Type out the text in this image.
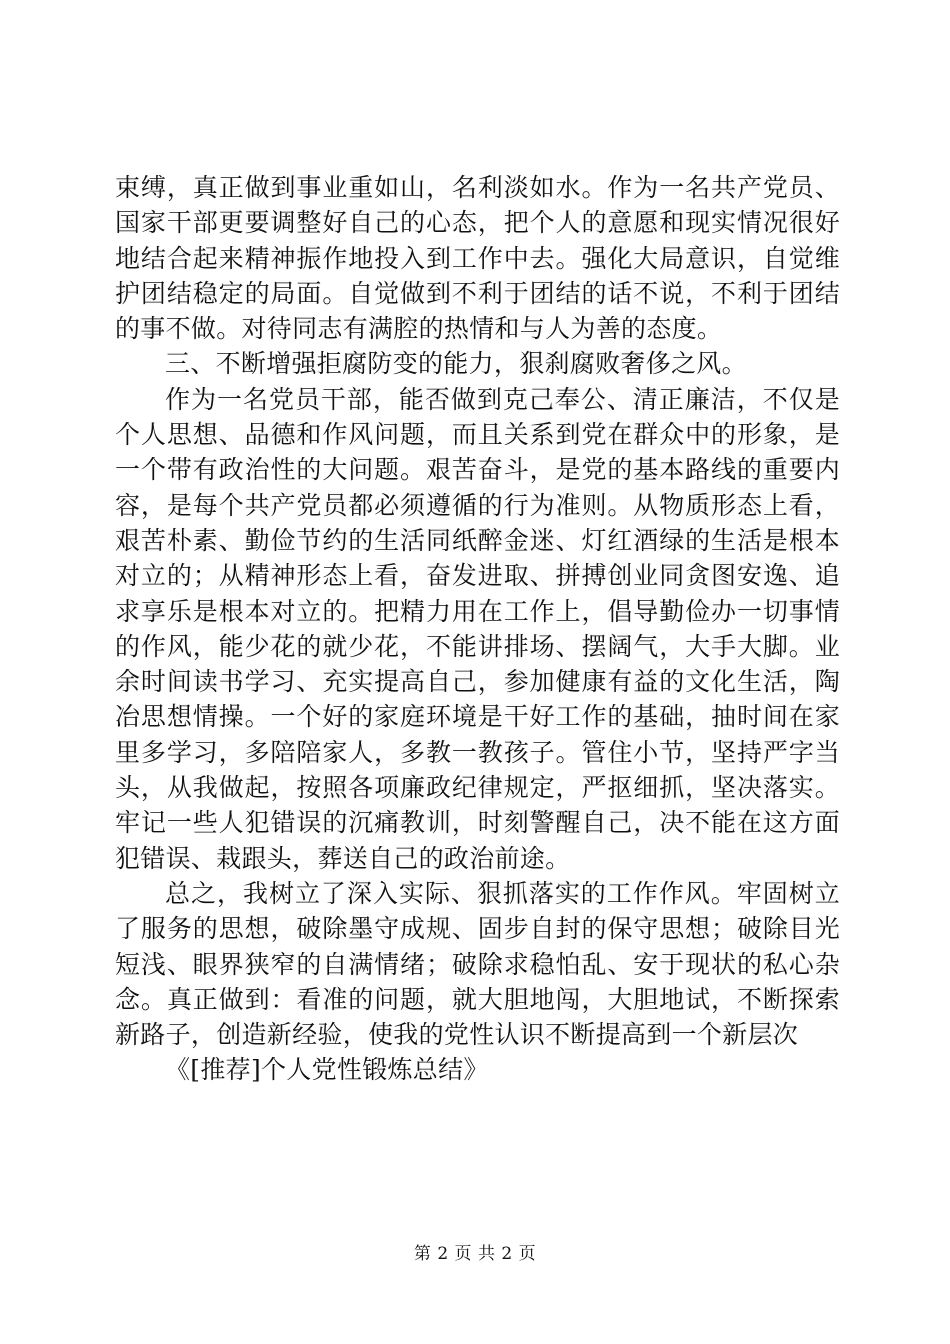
束缚，真正做到事业重如山，名利淡如水。作为一名共产党员、国家干部更要调整好自己的心态，把个人的意愿和现实情况很好地结合起来精神振作地投入到工作中去。强化大局意识，自觉维护团结稳定的局面。自觉做到不利于团结的话不说，不利于团结的事不做。对待同志有满腔的热情和与人为善的态度。

三、不断增强拒腐防变的能力，狠刹腐败奢侈之风。

作为一名党员干部，能否做到克己奉公、清正廉洁，不仅是个人思想、品德和作风问题，而且关系到党在群众中的形象，是一个带有政治性的大问题。艰苦奋斗，是党的基本路线的重要内容，是每个共产党员都必须遵循的行为准则。从物质形态上看，艰苦朴素、勤俭节约的生活同纸醉金迷、灯红酒绿的生活是根本对立的；从精神形态上看，奋发进取、拼搏创业同贪图安逸、追求享乐是根本对立的。把精力用在工作上，倡导勤俭办一切事情的作风，能少花的就少花，不能讲排场、摆阔气，大手大脚。业余时间读书学习、充实提高自己，参加健康有益的文化生活，陶冶思想情操。一个好的家庭环境是干好工作的基础，抽时间在家里多学习，多陪陪家人，多教一教孩子。管住小节，坚持严字当头，从我做起，按照各项廉政纪律规定，严抠细抓，坚决落实。牢记一些人犯错误的沉痛教训，时刻警醒自己，决不能在这方面犯错误、栽跟头，葬送自己的政治前途。

总之，我树立了深入实际、狠抓落实的工作作风。牢固树立了服务的思想，破除墨守成规、固步自封的保守思想；破除目光短浅、眼界狭窄的自满情绪；破除求稳怕乱、安于现状的私心杂念。真正做到：看准的问题，就大胆地闯，大胆地试，不断探索新路子，创造新经验，使我的党性认识不断提高到一个新层次

《[推荐]个人党性锻炼总结》

第 2 页 共 2 页
